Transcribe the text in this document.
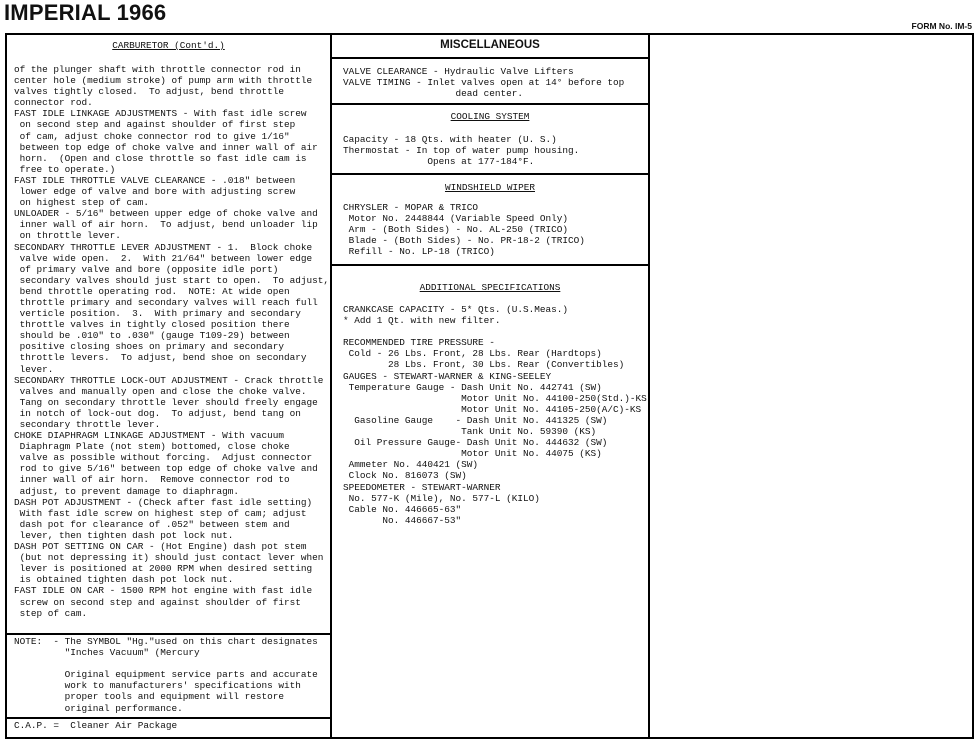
IMPERIAL 1966
FORM No. IM-5
CARBURETOR (Cont'd.)
of the plunger shaft with throttle connector rod in
center hole (medium stroke) of pump arm with throttle
valves tightly closed.  To adjust, bend throttle
connector rod.
FAST IDLE LINKAGE ADJUSTMENTS - With fast idle screw
on second step and against shoulder of first step
of cam, adjust choke connector rod to give 1/16"
between top edge of choke valve and inner wall of air
horn.  (Open and close throttle so fast idle cam is
free to operate.)
FAST IDLE THROTTLE VALVE CLEARANCE - .018" between
lower edge of valve and bore with adjusting screw
on highest step of cam.
UNLOADER - 5/16" between upper edge of choke valve and
inner wall of air horn.  To adjust, bend unloader lip
on throttle lever.
SECONDARY THROTTLE LEVER ADJUSTMENT - 1.  Block choke
valve wide open.  2.  With 21/64" between lower edge
of primary valve and bore (opposite idle port)
secondary valves should just start to open.  To adjust,
bend throttle operating rod.  NOTE: At wide open
throttle primary and secondary valves will reach full
verticle position.  3.  With primary and secondary
throttle valves in tightly closed position there
should be .010" to .030" (gauge T109-29) between
positive closing shoes on primary and secondary
throttle levers.  To adjust, bend shoe on secondary
lever.
SECONDARY THROTTLE LOCK-OUT ADJUSTMENT - Crack throttle
valves and manually open and close the choke valve.
Tang on secondary throttle lever should freely engage
in notch of lock-out dog.  To adjust, bend tang on
secondary throttle lever.
CHOKE DIAPHRAGM LINKAGE ADJUSTMENT - With vacuum
Diaphragm Plate (not stem) bottomed, close choke
valve as possible without forcing.  Adjust connector
rod to give 5/16" between top edge of choke valve and
inner wall of air horn.  Remove connector rod to
adjust, to prevent damage to diaphragm.
DASH POT ADJUSTMENT - (Check after fast idle setting)
With fast idle screw on highest step of cam; adjust
dash pot for clearance of .052" between stem and
lever, then tighten dash pot lock nut.
DASH POT SETTING ON CAR - (Hot Engine) dash pot stem
(but not depressing it) should just contact lever when
lever is positioned at 2000 RPM when desired setting
is obtained tighten dash pot lock nut.
FAST IDLE ON CAR - 1500 RPM hot engine with fast idle
screw on second step and against shoulder of first
step of cam.
NOTE:  - The SYMBOL "Hg."used on this chart designates
"Inches Vacuum" (Mercury

Original equipment service parts and accurate
work to manufacturers' specifications with
proper tools and equipment will restore
original performance.
C.A.P. =  Cleaner Air Package
MISCELLANEOUS
VALVE CLEARANCE - Hydraulic Valve Lifters
VALVE TIMING - Inlet valves open at 14° before top
dead center.
COOLING SYSTEM
Capacity - 18 Qts. with heater (U. S.)
Thermostat - In top of water pump housing.
Opens at 177-184°F.
WINDSHIELD WIPER
CHRYSLER - MOPAR & TRICO
Motor No. 2448844 (Variable Speed Only)
Arm - (Both Sides) - No. AL-250 (TRICO)
Blade - (Both Sides) - No. PR-18-2 (TRICO)
Refill - No. LP-18 (TRICO)
ADDITIONAL SPECIFICATIONS
CRANKCASE CAPACITY - 5* Qts. (U.S.Meas.)
* Add 1 Qt. with new filter.

RECOMMENDED TIRE PRESSURE -
Cold - 26 Lbs. Front, 28 Lbs. Rear (Hardtops)
28 Lbs. Front, 30 Lbs. Rear (Convertibles)
GAUGES - STEWART-WARNER & KING-SEELEY
Temperature Gauge - Dash Unit No. 442741 (SW)
Motor Unit No. 44100-250(Std.)-KS
Motor Unit No. 44105-250(A/C)-KS
Gasoline Gauge    - Dash Unit No. 441325 (SW)
Tank Unit No. 59390 (KS)
Oil Pressure Gauge- Dash Unit No. 444632 (SW)
Motor Unit No. 44075 (KS)
Ammeter No. 440421 (SW)
Clock No. 816073 (SW)
SPEEDOMETER - STEWART-WARNER
No. 577-K (Mile), No. 577-L (KILO)
Cable No. 446665-63"
No. 446667-53"
